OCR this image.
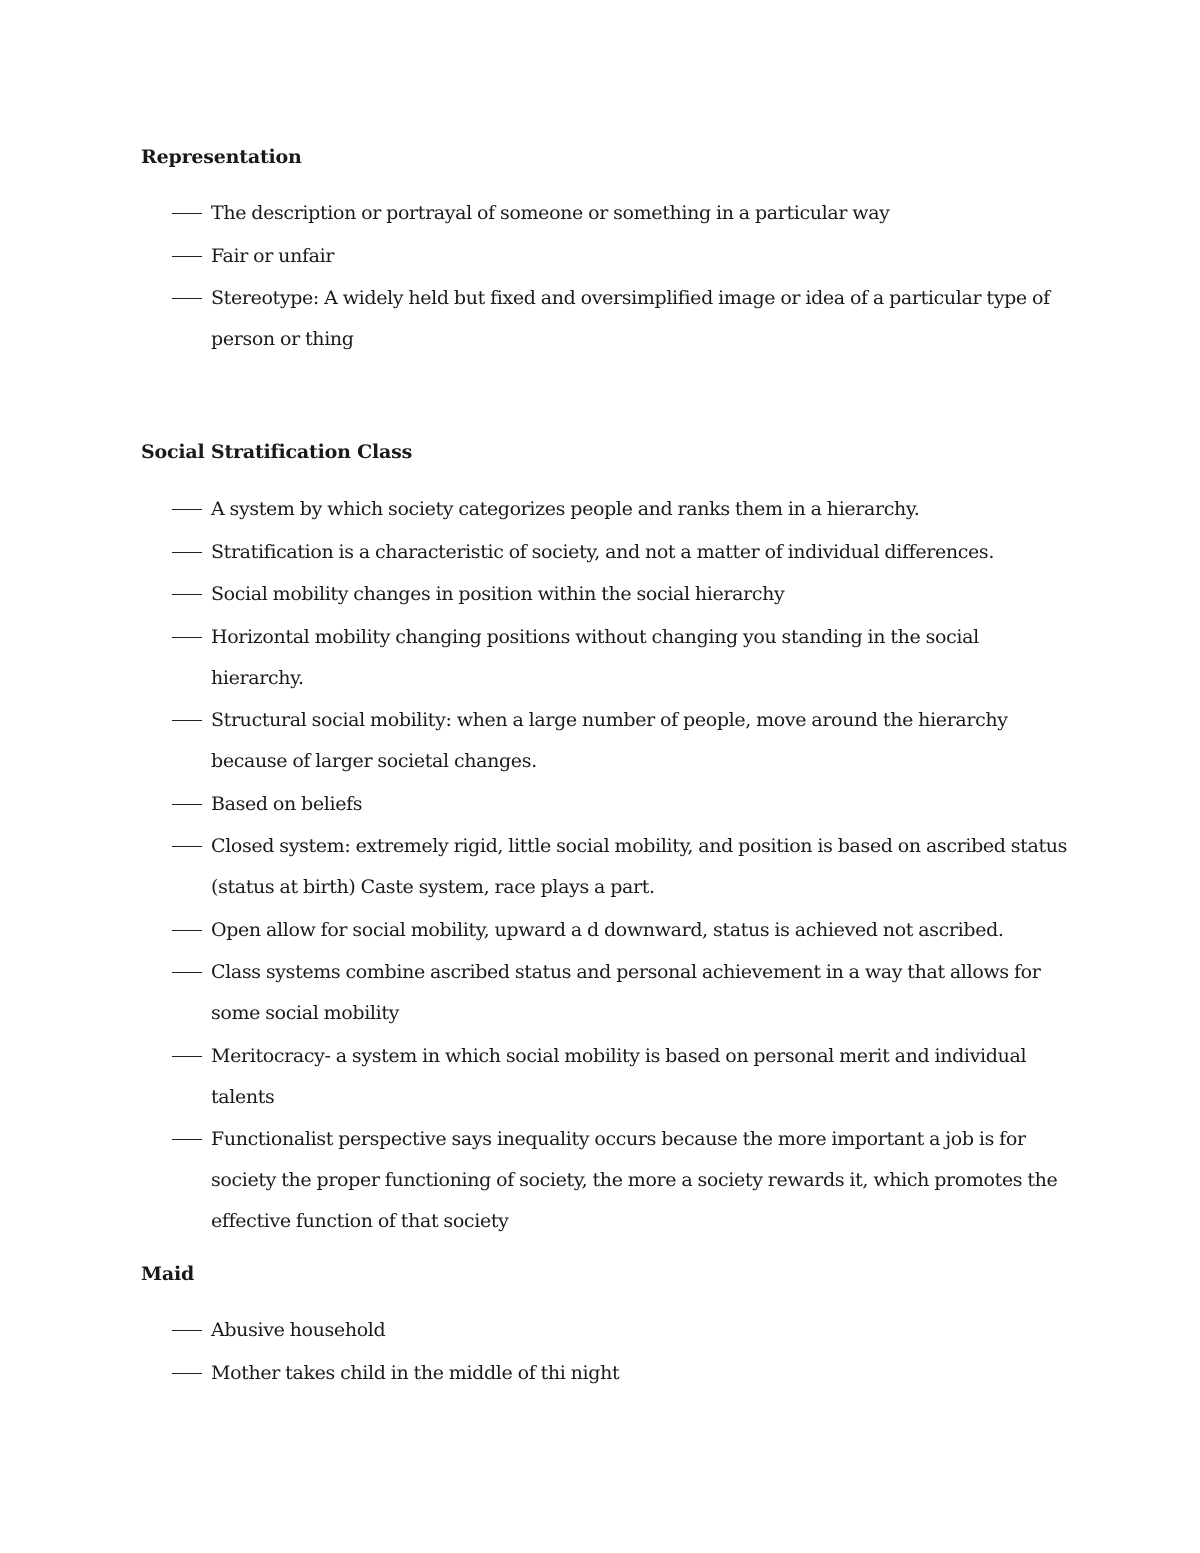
Representation
The description or portrayal of someone or something in a particular way
Fair or unfair
Stereotype: A widely held but fixed and oversimplified image or idea of a particular type of person or thing
Social Stratification Class
A system by which society categorizes people and ranks them in a hierarchy.
Stratification is a characteristic of society, and not a matter of individual differences.
Social mobility changes in position within the social hierarchy
Horizontal mobility changing positions without changing you standing in the social hierarchy.
Structural social mobility: when a large number of people, move around the hierarchy because of larger societal changes.
Based on beliefs
Closed system: extremely rigid, little social mobility, and position is based on ascribed status (status at birth) Caste system, race plays a part.
Open allow for social mobility, upward a d downward, status is achieved not ascribed.
Class systems combine ascribed status and personal achievement in a way that allows for some social mobility
Meritocracy- a system in which social mobility is based on personal merit and individual talents
Functionalist perspective says inequality occurs because the more important a job is for society the proper functioning of society, the more a society rewards it, which promotes the effective function of that society
Maid
Abusive household
Mother takes child in the middle of thi night
